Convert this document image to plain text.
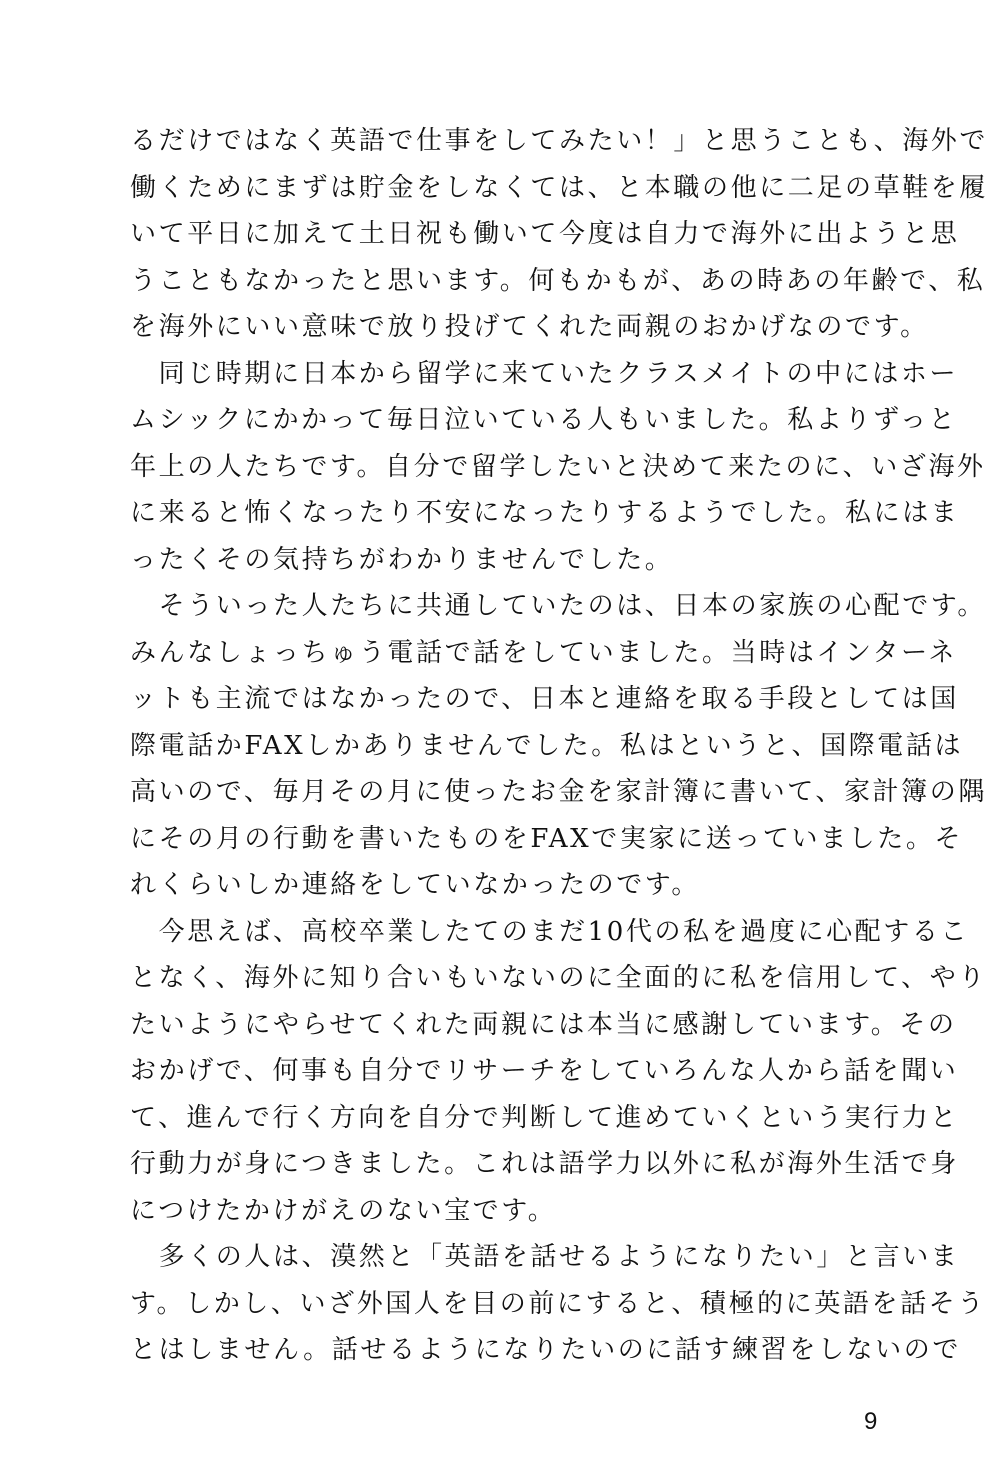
るだけではなく英語で仕事をしてみたい！」と思うことも、海外で
働くためにまずは貯金をしなくては、と本職の他に二足の草鞋を履
いて平日に加えて土日祝も働いて今度は自力で海外に出ようと思
うこともなかったと思います。何もかもが、あの時あの年齢で、私
を海外にいい意味で放り投げてくれた両親のおかげなのです。
　同じ時期に日本から留学に来ていたクラスメイトの中にはホー
ムシックにかかって毎日泣いている人もいました。私よりずっと
年上の人たちです。自分で留学したいと決めて来たのに、いざ海外
に来ると怖くなったり不安になったりするようでした。私にはま
ったくその気持ちがわかりませんでした。
　そういった人たちに共通していたのは、日本の家族の心配です。
みんなしょっちゅう電話で話をしていました。当時はインターネ
ットも主流ではなかったので、日本と連絡を取る手段としては国
際電話かFAXしかありませんでした。私はというと、国際電話は
高いので、毎月その月に使ったお金を家計簿に書いて、家計簿の隅
にその月の行動を書いたものをFAXで実家に送っていました。そ
れくらいしか連絡をしていなかったのです。
　今思えば、高校卒業したてのまだ10代の私を過度に心配するこ
となく、海外に知り合いもいないのに全面的に私を信用して、やり
たいようにやらせてくれた両親には本当に感謝しています。その
おかげで、何事も自分でリサーチをしていろんな人から話を聞い
て、進んで行く方向を自分で判断して進めていくという実行力と
行動力が身につきました。これは語学力以外に私が海外生活で身
につけたかけがえのない宝です。
　多くの人は、漠然と「英語を話せるようになりたい」と言いま
す。しかし、いざ外国人を目の前にすると、積極的に英語を話そう
とはしません。話せるようになりたいのに話す練習をしないので
9
